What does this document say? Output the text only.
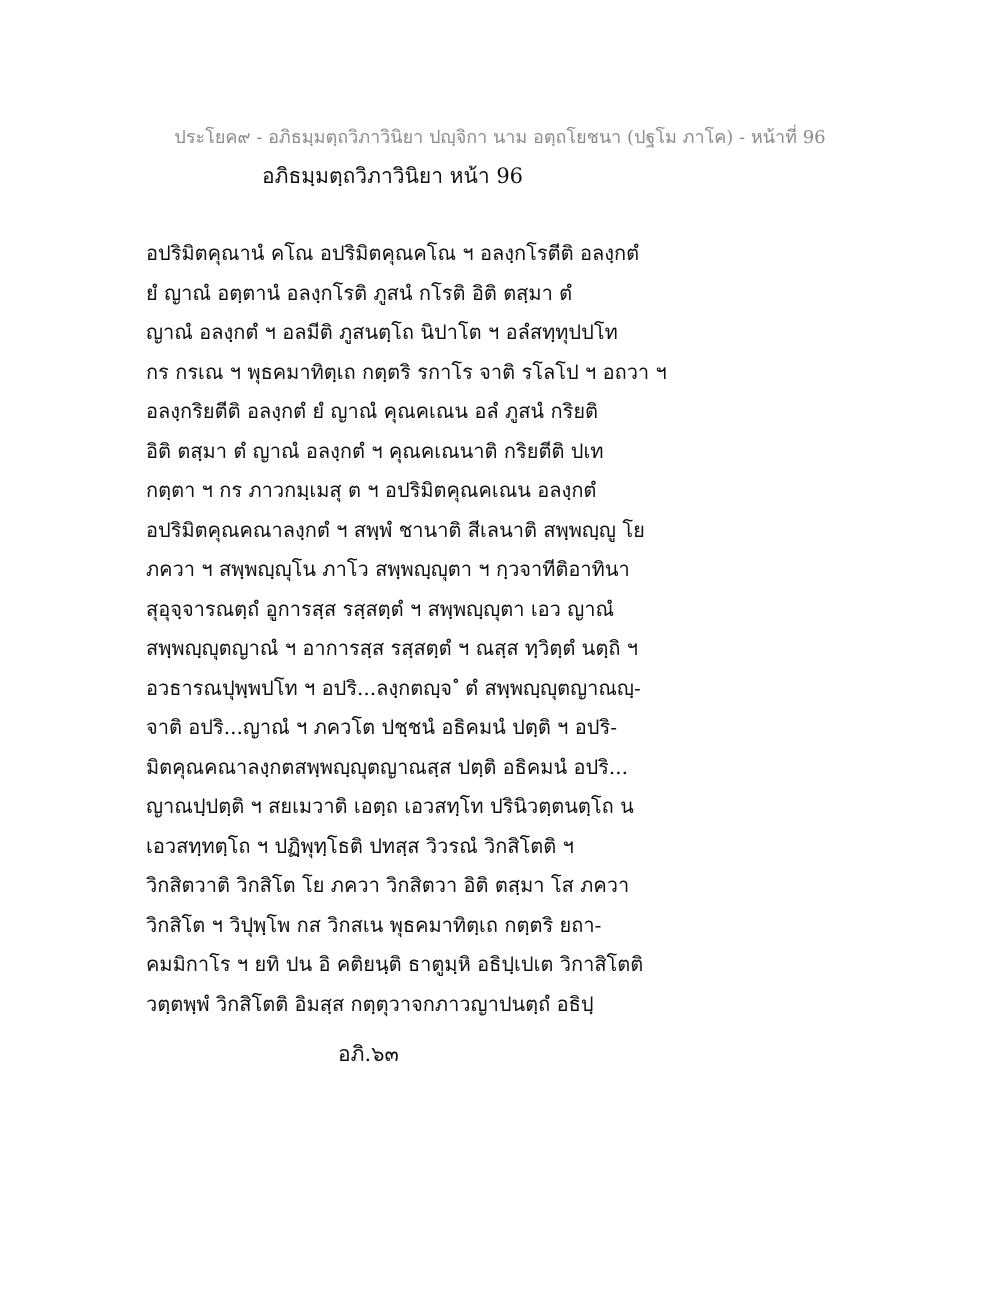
ประโยค๙ - อภิธมฺมตฺถวิภาวินิยา ปญฺจิกา นาม อตฺถโยชนา (ปฐโม ภาโค) - หน้าที่ 96
อภิธมฺมตฺถวิภาวินิยา หน้า 96
อปริมิตคุณานํ คโณ อปริมิตคุณคโณ ฯ อลงฺกโรตีติ อลงฺกตํ
ยํ ญาณํ อตฺตานํ อลงฺกโรติ ภูสนํ กโรติ อิติ ตสฺมา ตํ
ญาณํ อลงฺกตํ ฯ อลมีติ ภูสนตฺโถ นิปาโต ฯ อลํสทฺทุปปโท
กร กรเณ ฯ พุธคมาทิตฺเถ กตฺตริ รกาโร จาติ รโลโป ฯ อถวา ฯ
อลงฺกริยตีติ อลงฺกตํ ยํ ญาณํ คุณคเณน อลํ ภูสนํ กริยติ
อิติ ตสฺมา ตํ ญาณํ อลงฺกตํ ฯ คุณคเณนาติ กริยตีติ ปเท
กตฺตา ฯ กร ภาวกมฺเมสุ ต ฯ อปริมิตคุณคเณน อลงฺกตํ
อปริมิตคุณคณาลงฺกตํ ฯ สพฺพํ ชานาติ สีเลนาติ สพฺพญฺญู โย
ภควา ฯ สพฺพญฺญุโน ภาโว สพฺพญฺญุตา ฯ กฺวจาทีติอาทินา
สุอุจฺจารณตฺถํ อูการสฺส รสฺสตฺตํ ฯ สพฺพญฺญุตา เอว ญาณํ
สพฺพญฺญุตญาณํ ฯ อาการสฺส รสฺสตฺตํ ฯ ณสฺส ทฺวิตฺตํ นตฺถิ ฯ
อวธารณปุพฺพปโท ฯ อปริ...ลงฺกตญฺจ ํ ตํ สพฺพญฺญุตญาณญฺ-
จาติ อปริ...ญาณํ ฯ ภควโต ปชฺชนํ อธิคมนํ ปตฺติ ฯ อปริ-
มิตคุณคณาลงฺกตสพฺพญฺญุตญาณสฺส ปตฺติ อธิคมนํ อปริ...
ญาณปฺปตฺติ ฯ สยเมวาติ เอตฺถ เอวสทฺโท ปรินิวตฺตนตฺโถ น
เอวสทฺทตฺโถ ฯ ปฏิพุทฺโธติ ปทสฺส วิวรณํ วิกสิโตติ ฯ
วิกสิตวาติ วิกสิโต โย ภควา วิกสิตวา อิติ ตสฺมา โส ภควา
วิกสิโต ฯ วิปุพฺโพ กส วิกสเน พุธคมาทิตฺเถ กตฺตริ ยถา-
คมมิกาโร ฯ ยทิ ปน อิ คติยนฺติ ธาตูมฺหิ อธิปฺเปเต วิกาสิโตติ
วตฺตพฺพํ วิกสิโตติ อิมสฺส กตฺตุวาจกภาวญาปนตฺถํ อธิปฺ
อภิ.๖๓
